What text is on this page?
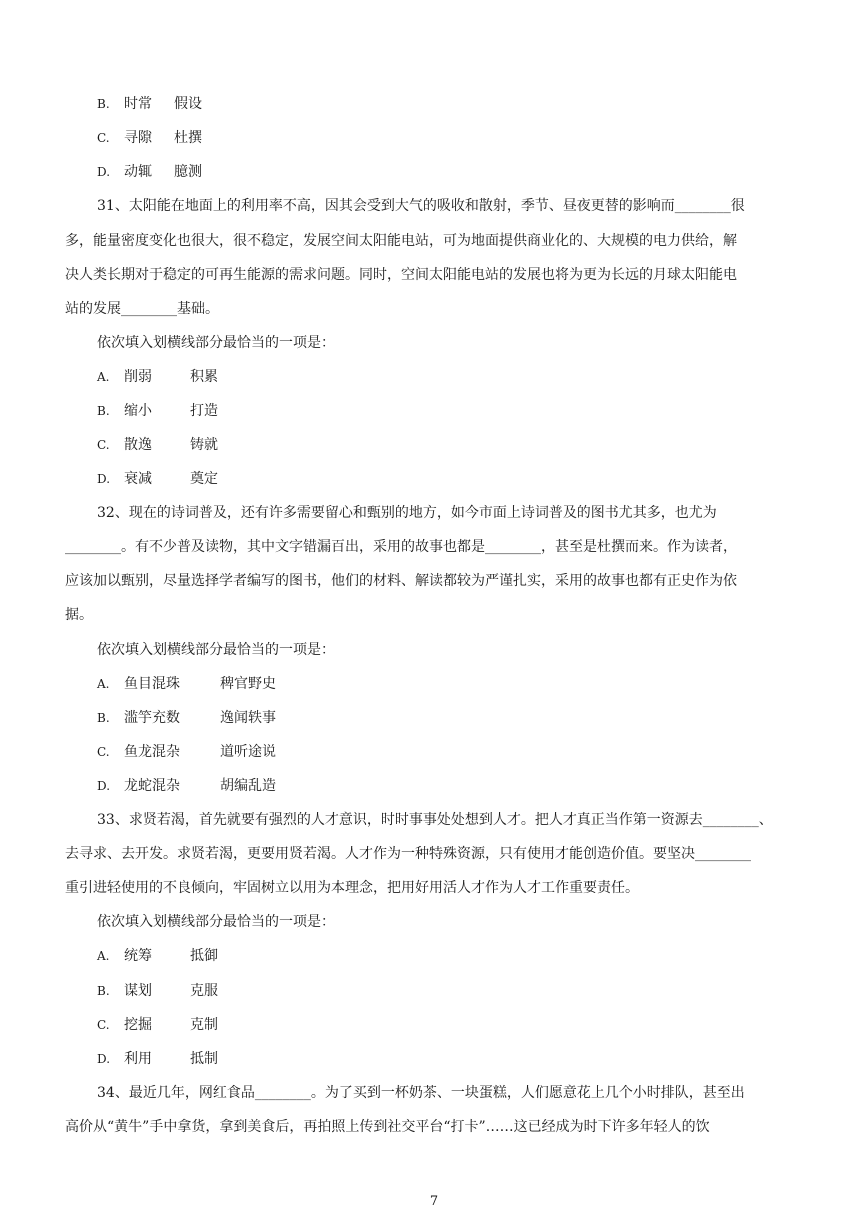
B. 时常 假设
C. 寻隙 杜撰
D. 动辄 臆测
31、太阳能在地面上的利用率不高，因其会受到大气的吸收和散射，季节、昼夜更替的影响而________很
多，能量密度变化也很大，很不稳定，发展空间太阳能电站，可为地面提供商业化的、大规模的电力供给，解
决人类长期对于稳定的可再生能源的需求问题。同时，空间太阳能电站的发展也将为更为长远的月球太阳能电
站的发展________基础。
依次填入划横线部分最恰当的一项是：
A. 削弱	积累
B. 缩小	打造
C. 散逸	铸就
D. 衰减	奠定
32、现在的诗词普及，还有许多需要留心和甄别的地方，如今市面上诗词普及的图书尤其多，也尤为
________。有不少普及读物，其中文字错漏百出，采用的故事也都是________，甚至是杜撰而来。作为读者，
应该加以甄别，尽量选择学者编写的图书，他们的材料、解读都较为严谨扎实，采用的故事也都有正史作为依
据。
依次填入划横线部分最恰当的一项是：
A. 鱼目混珠	稗官野史
B. 滥竽充数	逸闻轶事
C. 鱼龙混杂	道听途说
D. 龙蛇混杂	胡编乱造
33、求贤若渴，首先就要有强烈的人才意识，时时事事处处想到人才。把人才真正当作第一资源去________、
去寻求、去开发。求贤若渴，更要用贤若渴。人才作为一种特殊资源，只有使用才能创造价值。要坚决________
重引进轻使用的不良倾向，牢固树立以用为本理念，把用好用活人才作为人才工作重要责任。
依次填入划横线部分最恰当的一项是：
A. 统筹	抵御
B. 谋划	克服
C. 挖掘	克制
D. 利用	抵制
34、最近几年，网红食品________。为了买到一杯奶茶、一块蛋糕，人们愿意花上几个小时排队，甚至出
高价从“黄牛”手中拿货，拿到美食后，再拍照上传到社交平台“打卡”……这已经成为时下许多年轻人的饮
7
